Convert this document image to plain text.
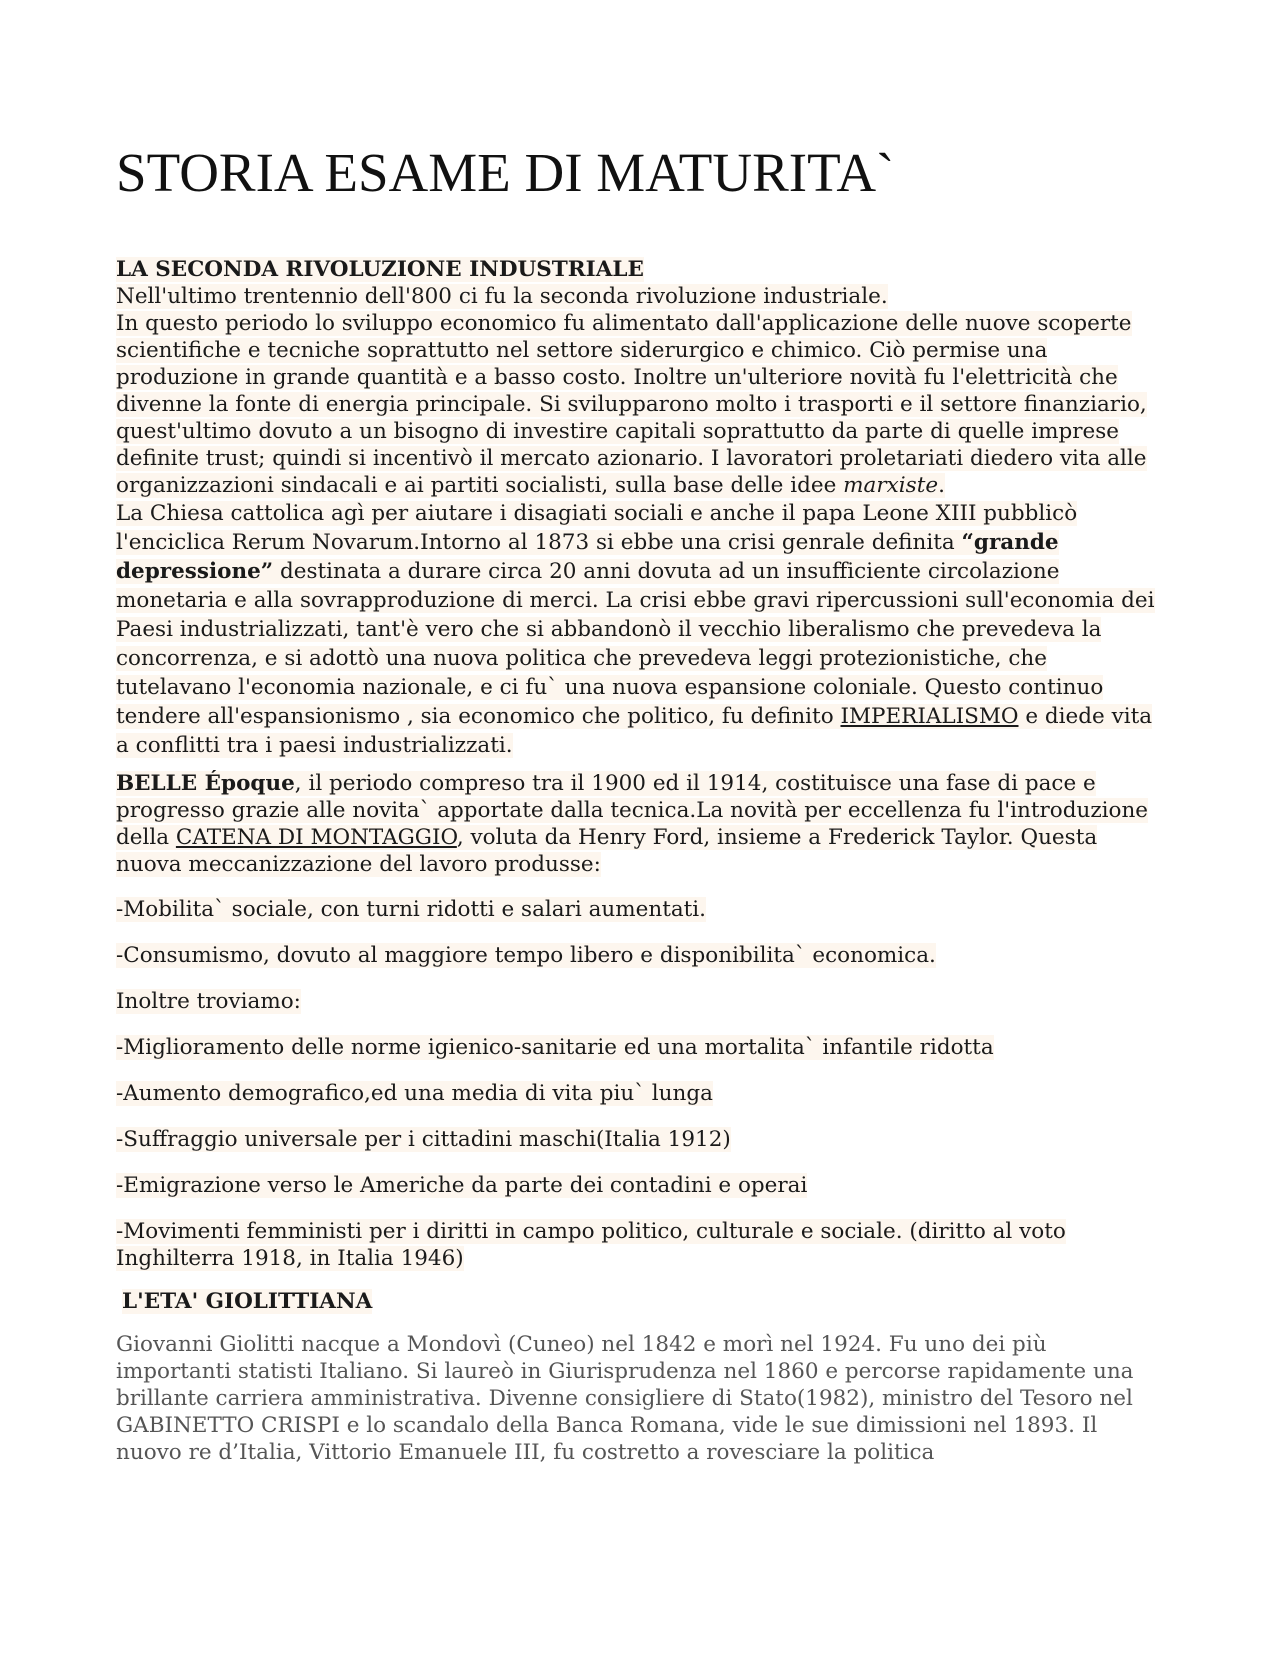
STORIA ESAME DI MATURITA`

LA SECONDA RIVOLUZIONE INDUSTRIALE

Nell'ultimo trentennio dell'800 ci fu la seconda rivoluzione industriale.

In questo periodo lo sviluppo economico fu alimentato dall'applicazione delle nuove scoperte scientifiche e tecniche soprattutto nel settore siderurgico e chimico. Ciò permise una produzione in grande quantità e a basso costo. Inoltre un'ulteriore novità fu l'elettricità che divenne la fonte di energia principale. Si svilupparono molto i trasporti e il settore finanziario, quest'ultimo dovuto a un bisogno di investire capitali soprattutto da parte di quelle imprese definite trust; quindi si incentivò il mercato azionario. I lavoratori proletariati diedero vita alle organizzazioni sindacali e ai partiti socialisti, sulla base delle idee marxiste.

La Chiesa cattolica agì per aiutare i disagiati sociali e anche il papa Leone XIII pubblicò l'enciclica Rerum Novarum.Intorno al 1873 si ebbe una crisi genrale definita “grande depressione” destinata a durare circa 20 anni dovuta ad un insufficiente circolazione monetaria e alla sovrapproduzione di merci. La crisi ebbe gravi ripercussioni sull'economia dei Paesi industrializzati, tant'è vero che si abbandonò il vecchio liberalismo che prevedeva la concorrenza, e si adottò una nuova politica che prevedeva leggi protezionistiche, che tutelavano l'economia nazionale, e ci fu` una nuova espansione coloniale. Questo continuo tendere all'espansionismo , sia economico che politico, fu definito IMPERIALISMO e diede vita a conflitti tra i paesi industrializzati.

BELLE Époque, il periodo compreso tra il 1900 ed il 1914, costituisce una fase di pace e progresso grazie alle novita` apportate dalla tecnica.La novità per eccellenza fu l'introduzione della CATENA DI MONTAGGIO, voluta da Henry Ford, insieme a Frederick Taylor. Questa nuova meccanizzazione del lavoro produsse:

-Mobilita` sociale, con turni ridotti e salari aumentati.

-Consumismo, dovuto al maggiore tempo libero e disponibilita` economica.

Inoltre troviamo:

-Miglioramento delle norme igienico-sanitarie ed una mortalita` infantile ridotta

-Aumento demografico,ed una media di vita piu` lunga

-Suffraggio universale per i cittadini maschi(Italia 1912)

-Emigrazione verso le Americhe da parte dei contadini e operai

-Movimenti femministi per i diritti in campo politico, culturale e sociale. (diritto al voto Inghilterra 1918, in Italia 1946)

L'ETA' GIOLITTIANA

Giovanni Giolitti nacque a Mondovì (Cuneo) nel 1842 e morì nel 1924. Fu uno dei più importanti statisti Italiano. Si laureò in Giurisprudenza nel 1860 e percorse rapidamente una brillante carriera amministrativa. Divenne consigliere di Stato(1982), ministro del Tesoro nel GABINETTO CRISPI e lo scandalo della Banca Romana, vide le sue dimissioni nel 1893. Il nuovo re d’Italia, Vittorio Emanuele III, fu costretto a rovesciare la politica
